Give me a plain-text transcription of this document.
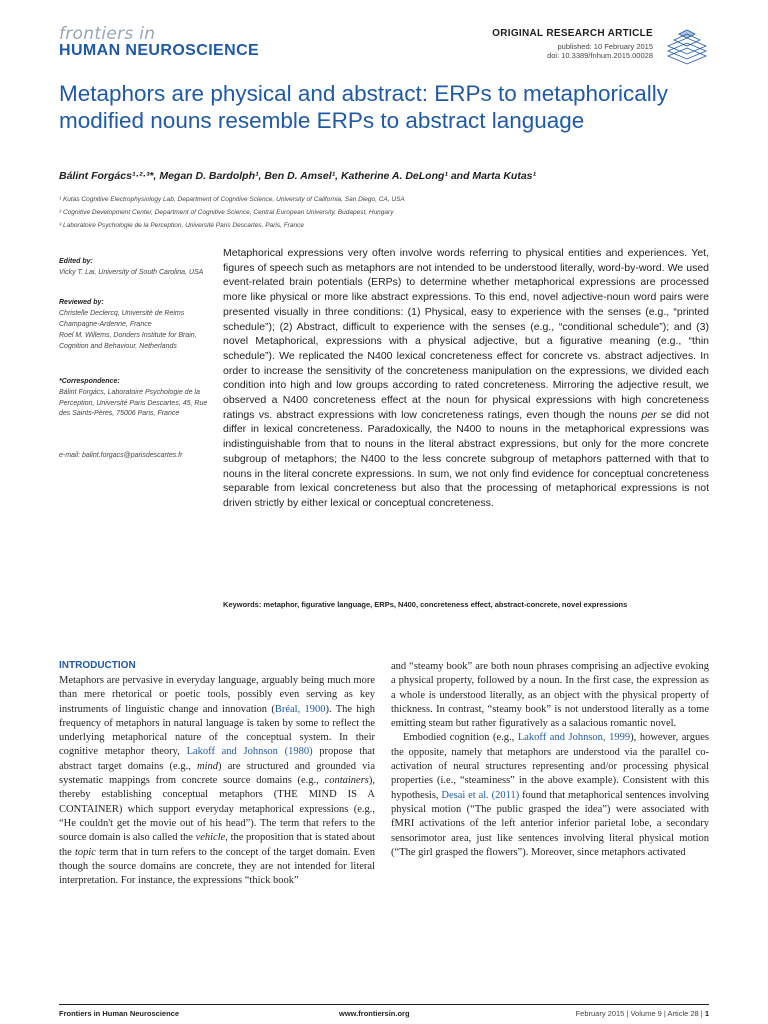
frontiers in
HUMAN NEUROSCIENCE
ORIGINAL RESEARCH ARTICLE
published: 10 February 2015
doi: 10.3389/fnhum.2015.00028
Metaphors are physical and abstract: ERPs to metaphorically modified nouns resemble ERPs to abstract language
Bálint Forgács¹·²·³*, Megan D. Bardolph¹, Ben D. Amsel¹, Katherine A. DeLong¹ and Marta Kutas¹
¹ Kutas Cognitive Electrophysiology Lab, Department of Cognitive Science, University of California, San Diego, CA, USA
² Cognitive Development Center, Department of Cognitive Science, Central European University, Budapest, Hungary
³ Laboratoire Psychologie de la Perception, Université Paris Descartes, Paris, France
Edited by:
Vicky T. Lai, University of South Carolina, USA
Reviewed by:
Christelle Declercq, Université de Reims Champagne-Ardenne, France
Roel M. Willems, Donders Institute for Brain, Cognition and Behaviour, Netherlands
*Correspondence:
Bálint Forgács, Laboratoire Psychologie de la Perception, Université Paris Descartes, 45, Rue des Saints-Pères, 75006 Paris, France
e-mail: balint.forgacs@parisdescartes.fr
Metaphorical expressions very often involve words referring to physical entities and experiences. Yet, figures of speech such as metaphors are not intended to be understood literally, word-by-word. We used event-related brain potentials (ERPs) to determine whether metaphorical expressions are processed more like physical or more like abstract expressions. To this end, novel adjective-noun word pairs were presented visually in three conditions: (1) Physical, easy to experience with the senses (e.g., “printed schedule”); (2) Abstract, difficult to experience with the senses (e.g., “conditional schedule”); and (3) novel Metaphorical, expressions with a physical adjective, but a figurative meaning (e.g., “thin schedule”). We replicated the N400 lexical concreteness effect for concrete vs. abstract adjectives. In order to increase the sensitivity of the concreteness manipulation on the expressions, we divided each condition into high and low groups according to rated concreteness. Mirroring the adjective result, we observed a N400 concreteness effect at the noun for physical expressions with high concreteness ratings vs. abstract expressions with low concreteness ratings, even though the nouns per se did not differ in lexical concreteness. Paradoxically, the N400 to nouns in the metaphorical expressions was indistinguishable from that to nouns in the literal abstract expressions, but only for the more concrete subgroup of metaphors; the N400 to the less concrete subgroup of metaphors patterned with that to nouns in the literal concrete expressions. In sum, we not only find evidence for conceptual concreteness separable from lexical concreteness but also that the processing of metaphorical expressions is not driven strictly by either lexical or conceptual concreteness.
Keywords: metaphor, figurative language, ERPs, N400, concreteness effect, abstract-concrete, novel expressions
INTRODUCTION
Metaphors are pervasive in everyday language, arguably being much more than mere rhetorical or poetic tools, possibly even serving as key instruments of linguistic change and innovation (Bréal, 1900). The high frequency of metaphors in natural language is taken by some to reflect the underlying metaphorical nature of the conceptual system. In their cognitive metaphor theory, Lakoff and Johnson (1980) propose that abstract target domains (e.g., mind) are structured and grounded via systematic mappings from concrete source domains (e.g., containers), thereby establishing conceptual metaphors (THE MIND IS A CONTAINER) which support everyday metaphorical expressions (e.g., “He couldn't get the movie out of his head”). The term that refers to the source domain is also called the vehicle, the proposition that is stated about the topic term that in turn refers to the concept of the target domain. Even though the source domains are concrete, they are not intended for literal interpretation. For instance, the expressions “thick book”
and “steamy book” are both noun phrases comprising an adjective evoking a physical property, followed by a noun. In the first case, the expression as a whole is understood literally, as an object with the physical property of thickness. In contrast, “steamy book” is not understood literally as a tome emitting steam but rather figuratively as a salacious romantic novel.
Embodied cognition (e.g., Lakoff and Johnson, 1999), however, argues the opposite, namely that metaphors are understood via the parallel co-activation of neural structures representing and/or processing physical properties (i.e., “steaminess” in the above example). Consistent with this hypothesis, Desai et al. (2011) found that metaphorical sentences involving physical motion (“The public grasped the idea”) were associated with fMRI activations of the left anterior inferior parietal lobe, a secondary sensorimotor area, just like sentences involving literal physical motion (“The girl grasped the flowers”). Moreover, since metaphors activated
Frontiers in Human Neuroscience	www.frontiersin.org	February 2015 | Volume 9 | Article 28 | 1
